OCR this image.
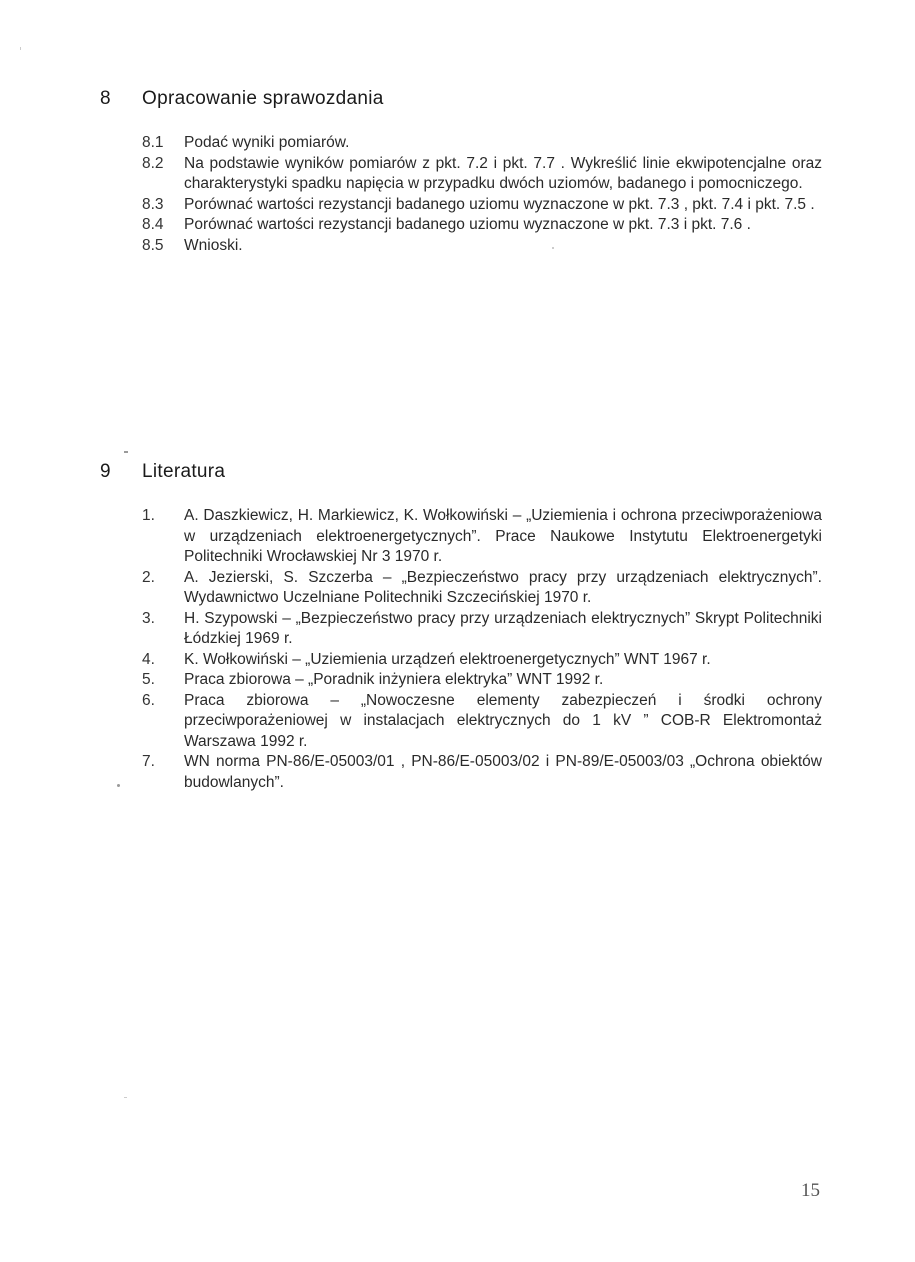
8 Opracowanie sprawozdania
8.1	Podać wyniki pomiarów.
8.2	Na podstawie wyników pomiarów z pkt. 7.2 i pkt. 7.7 . Wykreślić linie ekwipotencjalne oraz charakterystyki spadku napięcia w przypadku dwóch uziomów, badanego i pomocniczego.
8.3	Porównać wartości rezystancji badanego uziomu wyznaczone w pkt. 7.3 , pkt. 7.4 i pkt. 7.5 .
8.4	Porównać wartości rezystancji badanego uziomu wyznaczone w pkt. 7.3 i pkt. 7.6 .
8.5	Wnioski.
9 Literatura
1.	A. Daszkiewicz, H. Markiewicz, K. Wołkowiński – „Uziemienia i ochrona przeciwporażeniowa w urządzeniach elektroenergetycznych”. Prace Naukowe Instytutu Elektroenergetyki Politechniki Wrocławskiej Nr 3 1970 r.
2.	A. Jezierski, S. Szczerba – „Bezpieczeństwo pracy przy urządzeniach elektrycznych”. Wydawnictwo Uczelniane Politechniki Szczecińskiej 1970 r.
3.	H. Szypowski – „Bezpieczeństwo pracy przy urządzeniach elektrycznych” Skrypt Politechniki Łódzkiej 1969 r.
4.	K. Wołkowiński – „Uziemienia urządzeń elektroenergetycznych” WNT 1967 r.
5.	Praca zbiorowa – „Poradnik inżyniera elektryka” WNT 1992 r.
6.	Praca zbiorowa – „Nowoczesne elementy zabezpieczeń i środki ochrony przeciwporażeniowej w instalacjach elektrycznych do 1 kV ” COB-R Elektromontaż Warszawa 1992 r.
7.	WN norma PN-86/E-05003/01 , PN-86/E-05003/02 i PN-89/E-05003/03 „Ochrona obiektów budowlanych”.
15
